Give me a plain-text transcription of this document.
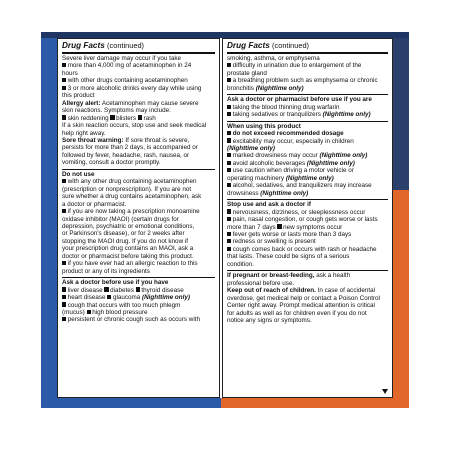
Drug Facts (continued)
Severe liver damage may occur if you take
more than 4,000 mg of acetaminophen in 24
hours
with other drugs containing acetaminophen
3 or more alcoholic drinks every day while using
this product
Allergy alert: Acetaminophen may cause severe
skin reactions. Symptoms may include:
skin reddening blisters rash
If a skin reaction occurs, stop use and seek medical
help right away.
Sore throat warning: If sore throat is severe,
persists for more than 2 days, is accompanied or
followed by fever, headache, rash, nausea, or
vomiting, consult a doctor promptly.
Do not use
with any other drug containing acetaminophen
(prescription or nonprescription). If you are not
sure whether a drug contains acetaminophen, ask
a doctor or pharmacist.
if you are now taking a prescription monoamine
oxidase inhibitor (MAOI) (certain drugs for
depression, psychiatric or emotional conditions,
or Parkinson's disease), or for 2 weeks after
stopping the MAOI drug. If you do not know if
your prescription drug contains an MAOI, ask a
doctor or pharmacist before taking this product.
if you have ever had an allergic reaction to this
product or any of its ingredients
Ask a doctor before use if you have
liver disease diabetes thyroid disease
heart disease glaucoma (Nighttime only)
cough that occurs with too much phlegm
(mucus) high blood pressure
persistent or chronic cough such as occurs with
Drug Facts (continued)
smoking, asthma, or emphysema
difficulty in urination due to enlargement of the
prostate gland
a breathing problem such as emphysema or chronic
bronchitis (Nighttime only)
Ask a doctor or pharmacist before use if you are
taking the blood thinning drug warfarin
taking sedatives or tranquilizers (Nighttime only)
When using this product
do not exceed recommended dosage
excitability may occur, especially in children
(Nighttime only)
marked drowsiness may occur (Nighttime only)
avoid alcoholic beverages (Nighttime only)
use caution when driving a motor vehicle or
operating machinery (Nighttime only)
alcohol, sedatives, and tranquilizers may increase
drowsiness (Nighttime only)
Stop use and ask a doctor if
nervousness, dizziness, or sleeplessness occur
pain, nasal congestion, or cough gets worse or lasts
more than 7 days new symptoms occur
fever gets worse or lasts more than 3 days
redness or swelling is present
cough comes back or occurs with rash or headache
that lasts. These could be signs of a serious
condition.
If pregnant or breast-feeding, ask a health
professional before use.
Keep out of reach of children. In case of accidental
overdose, get medical help or contact a Poison Control
Center right away. Prompt medical attention is critical
for adults as well as for children even if you do not
notice any signs or symptoms.
